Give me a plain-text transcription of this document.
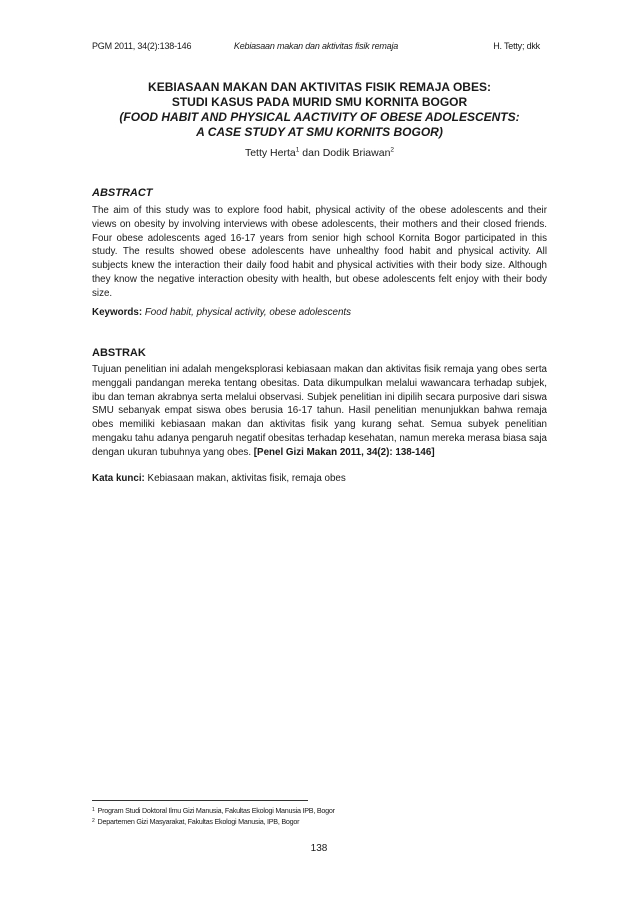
PGM 2011, 34(2):138-146	Kebiasaan makan dan aktivitas fisik remaja	H. Tetty; dkk
KEBIASAAN MAKAN DAN AKTIVITAS FISIK REMAJA OBES:
STUDI KASUS PADA MURID SMU KORNITA BOGOR
(FOOD HABIT AND PHYSICAL AACTIVITY OF OBESE ADOLESCENTS:
A CASE STUDY AT SMU KORNITS BOGOR)
Tetty Herta$^1$ dan Dodik Briawan$^2$
ABSTRACT
The aim of this study was to explore food habit, physical activity of the obese adolescents and their views on obesity by involving interviews with obese adolescents, their mothers and their closed friends. Four obese adolescents aged 16-17 years from senior high school Kornita Bogor participated in this study. The results showed obese adolescents have unhealthy food habit and physical activity. All subjects knew the interaction their daily food habit and physical activities with their body size. Although they know the negative interaction obesity with health, but obese adolescents felt enjoy with their body size.
Keywords: Food habit, physical activity, obese adolescents
ABSTRAK
Tujuan penelitian ini adalah mengeksplorasi kebiasaan makan dan aktivitas fisik remaja yang obes serta menggali pandangan mereka tentang obesitas. Data dikumpulkan melalui wawancara terhadap subjek, ibu dan teman akrabnya serta melalui observasi. Subjek penelitian ini dipilih secara purposive dari siswa SMU sebanyak empat siswa obes berusia 16-17 tahun. Hasil penelitian menunjukkan bahwa remaja obes memiliki kebiasaan makan dan aktivitas fisik yang kurang sehat. Semua subyek penelitian mengaku tahu adanya pengaruh negatif obesitas terhadap kesehatan, namun mereka merasa biasa saja dengan ukuran tubuhnya yang obes. [Penel Gizi Makan 2011, 34(2): 138-146]
Kata kunci: Kebiasaan makan, aktivitas fisik, remaja obes
$^1$ Program Studi Doktoral Ilmu Gizi Manusia, Fakultas Ekologi Manusia IPB, Bogor
$^2$ Departemen Gizi Masyarakat, Fakultas Ekologi Manusia, IPB, Bogor
138
